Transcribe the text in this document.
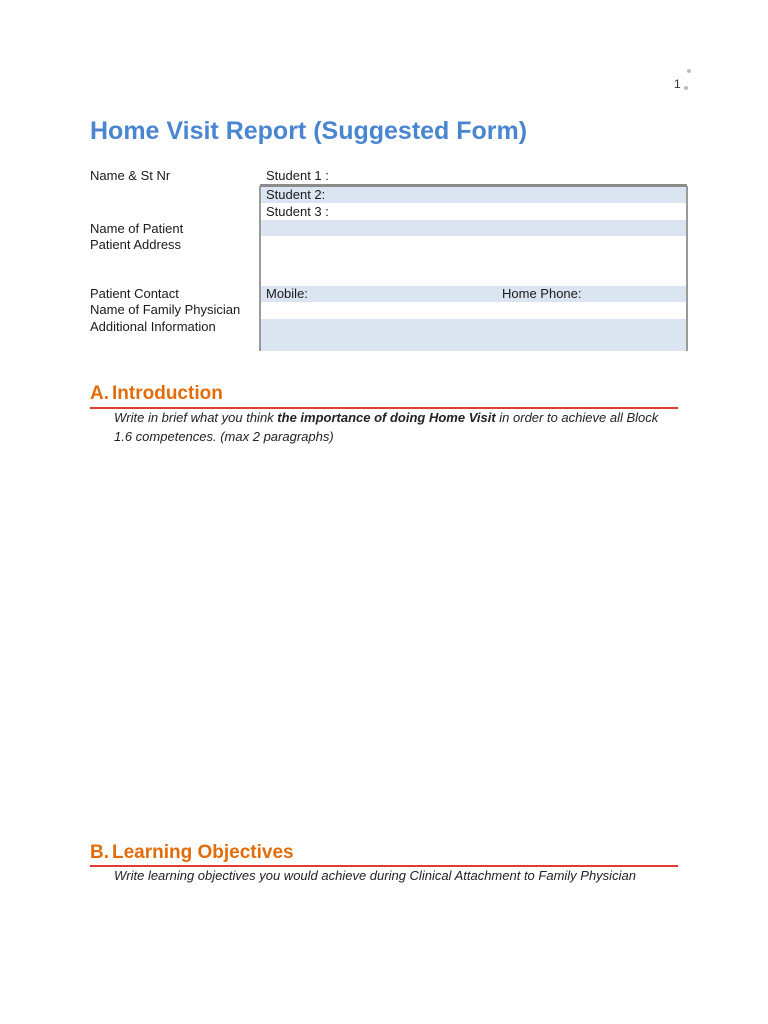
1
Home Visit Report (Suggested Form)
Name & St Nr	Student 1 :
Student 2:
Student 3 :
Name of Patient
Patient Address
Patient Contact	Mobile:	Home Phone:
Name of Family Physician
Additional Information
A. Introduction

Write in brief what you think the importance of doing Home Visit in order to achieve all Block 1.6 competences. (max 2 paragraphs)

B. Learning Objectives

Write learning objectives you would achieve during Clinical Attachment to Family Physician
